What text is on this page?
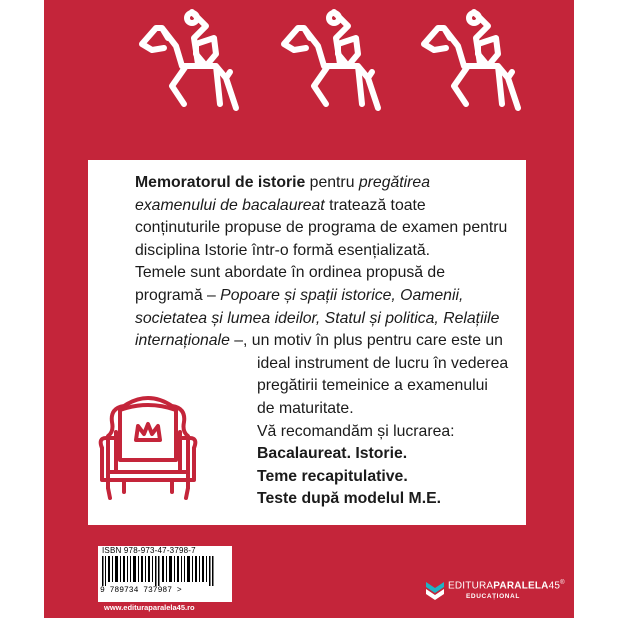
Memoratorul de istorie pentru pregătirea examenului de bacalaureat tratează toate conținuturile propuse de programa de examen pentru disciplina Istorie într-o formă esențializată.

Temele sunt abordate în ordinea propusă de programă – Popoare și spații istorice, Oamenii, societatea și lumea ideilor, Statul și politica, Relațiile internaționale –, un motiv în plus pentru care este un

ideal instrument de lucru în vederea

pregătirii temeinice a examenului

de maturitate.

Vă recomandăm și lucrarea:

Bacalaureat. Istorie.

Teme recapitulative.

Teste după modelul M.E.

ISBN 978-973-47-3798-7
9 789734 737987 >
www.edituraparalela45.ro
EDITURAPARALELA45®
EDUCAȚIONAL
